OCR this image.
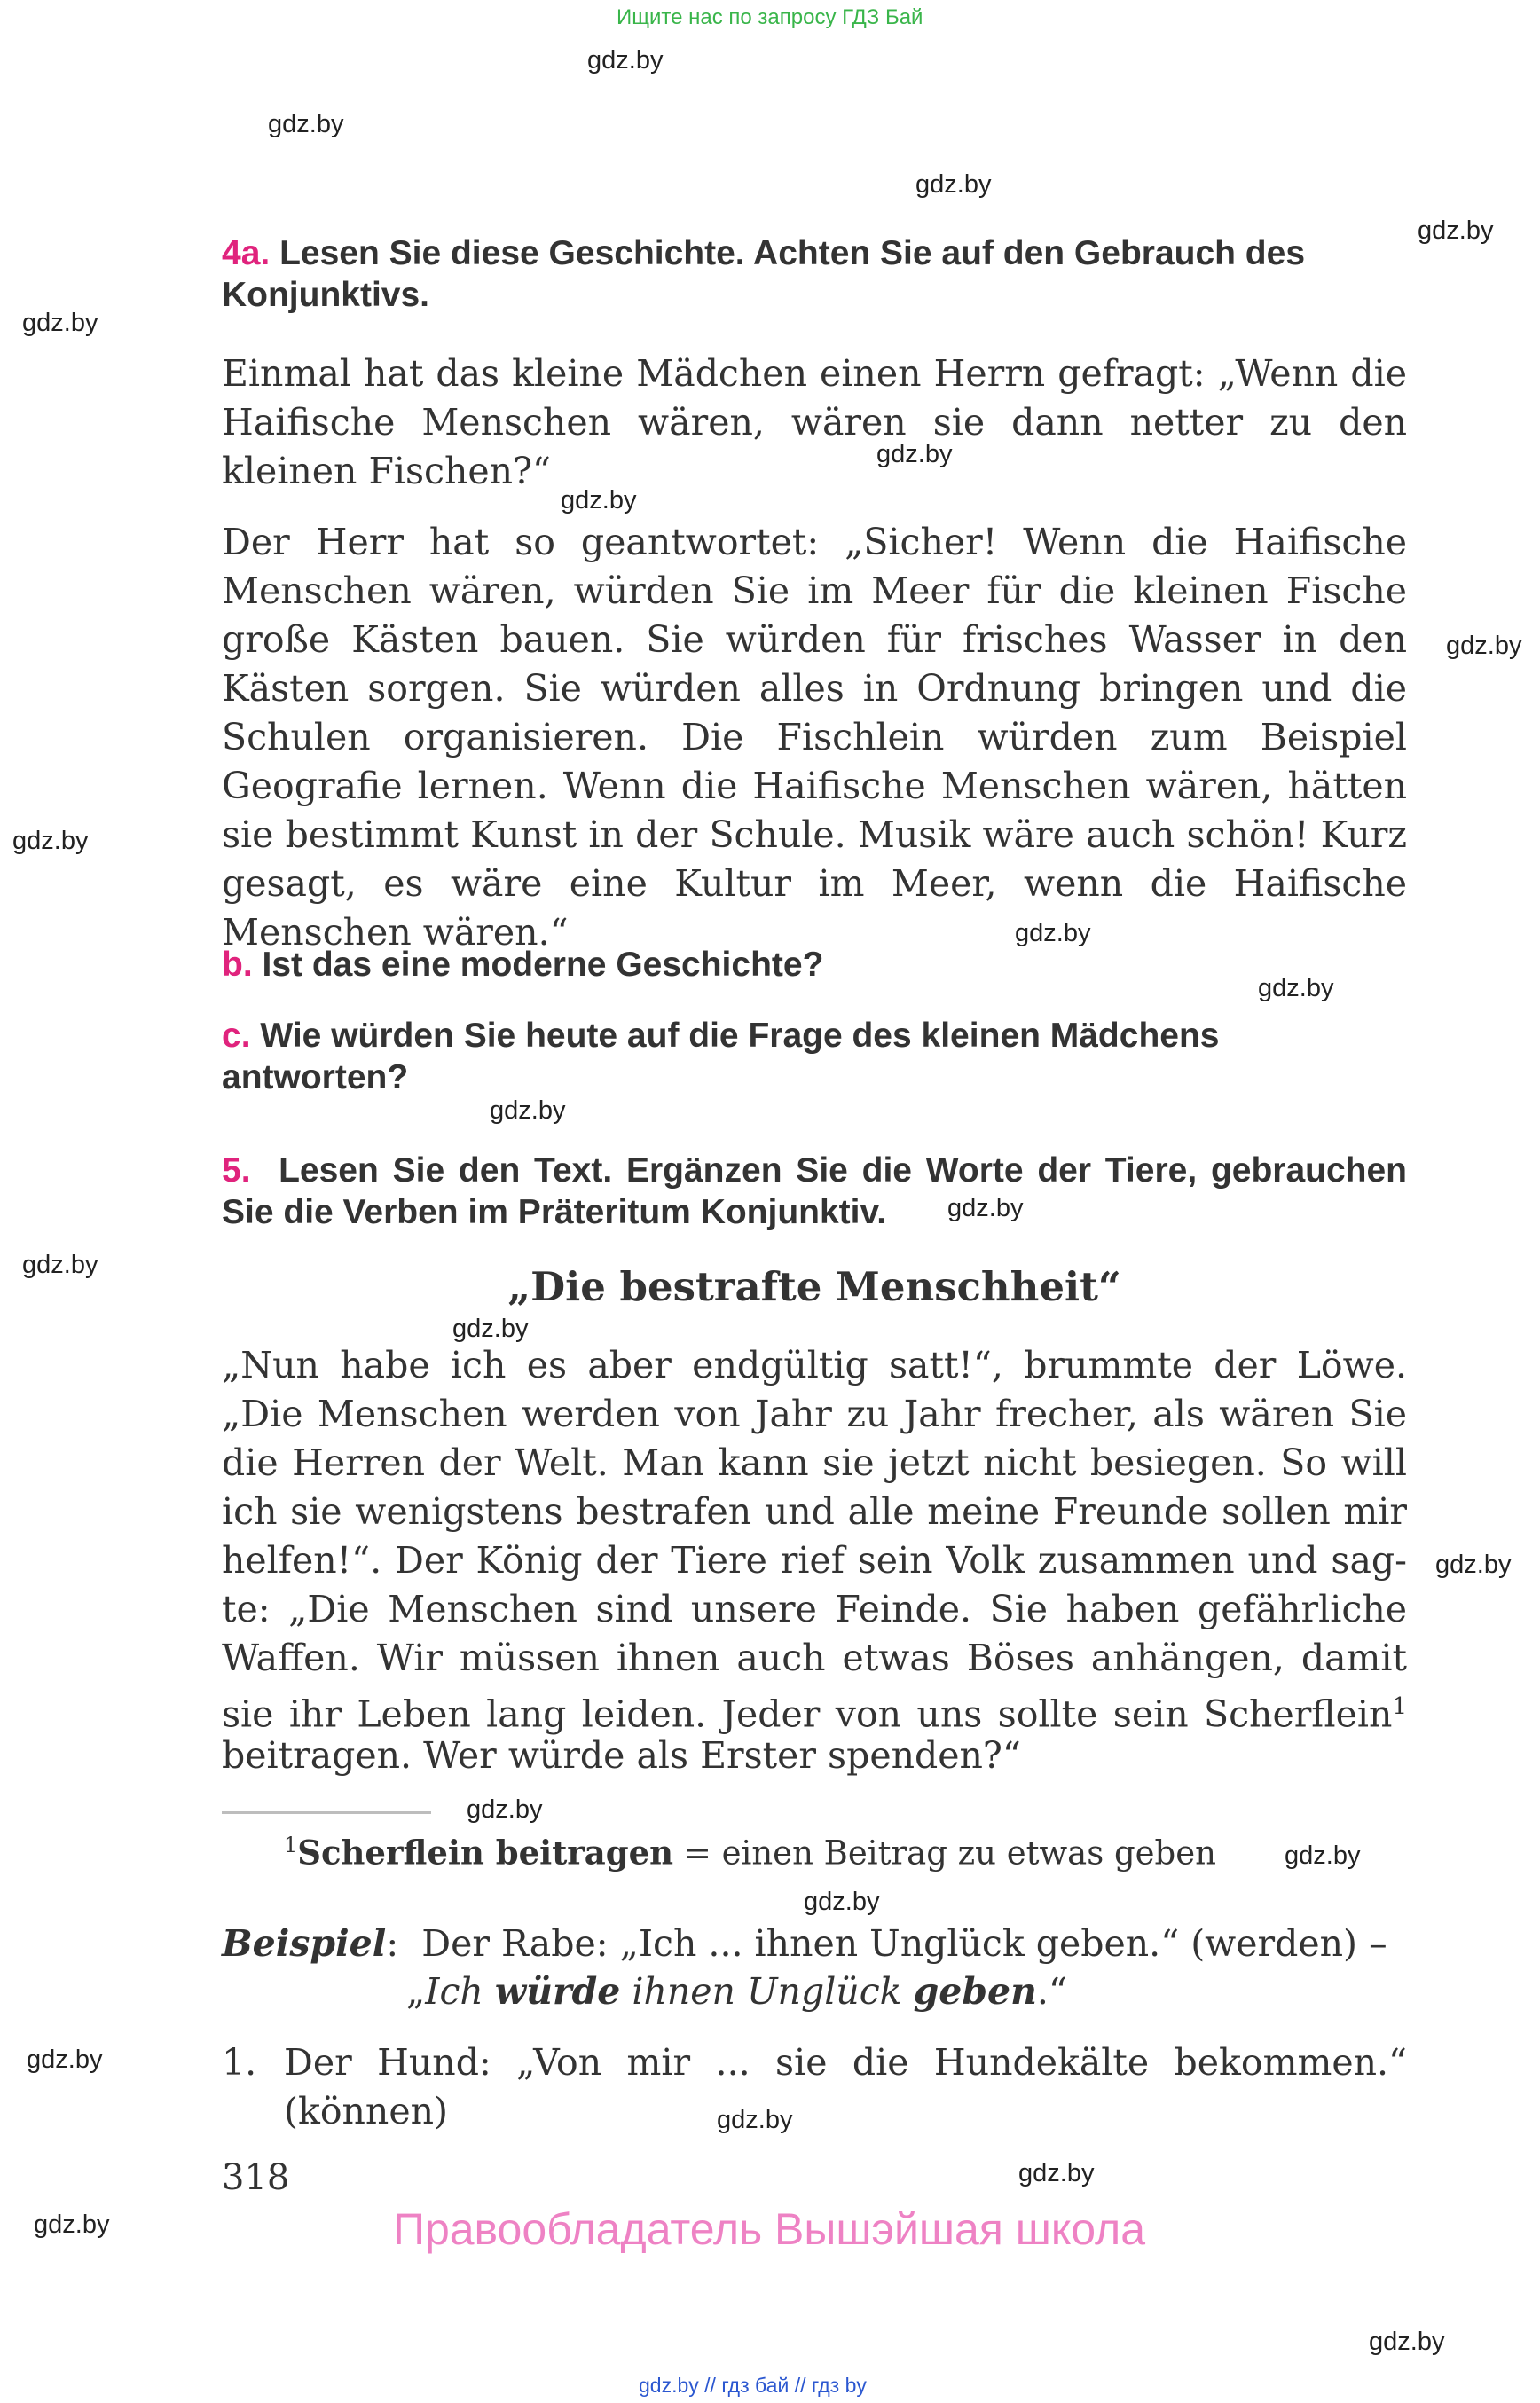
Ищите нас по запросу ГДЗ Бай
gdz.by
gdz.by
gdz.by
gdz.by
gdz.by
gdz.by
gdz.by
gdz.by
gdz.by
gdz.by
gdz.by
gdz.by
gdz.by
gdz.by
gdz.by
gdz.by
gdz.by
gdz.by
gdz.by
gdz.by
gdz.by
gdz.by
gdz.by
gdz.by
4a. Lesen Sie diese Geschichte. Achten Sie auf den Gebrauch des Konjunktivs.
Einmal hat das kleine Mädchen einen Herrn gefragt: „Wenn die Haifische Menschen wären, wären sie dann netter zu den kleinen Fischen?“
Der Herr hat so geantwortet: „Sicher! Wenn die Haifische Menschen wären, würden Sie im Meer für die kleinen Fische große Kästen bauen. Sie würden für frisches Wasser in den Kästen sorgen. Sie würden alles in Ordnung bringen und die Schulen organisieren. Die Fischlein würden zum Beispiel Geografie lernen. Wenn die Haifische Menschen wären, hätten sie bestimmt Kunst in der Schule. Musik wäre auch schön! Kurz gesagt, es wäre eine Kultur im Meer, wenn die Haifische Menschen wären.“
b. Ist das eine moderne Geschichte?
c. Wie würden Sie heute auf die Frage des kleinen Mädchens antworten?
5. Lesen Sie den Text. Ergänzen Sie die Worte der Tiere, gebrauchen Sie die Verben im Präteritum Konjunktiv.
„Die bestrafte Menschheit“
„Nun habe ich es aber endgültig satt!“, brummte der Löwe.
„Die Menschen werden von Jahr zu Jahr frecher, als wären Sie
die Herren der Welt. Man kann sie jetzt nicht besiegen. So will
ich sie wenigstens bestrafen und alle meine Freunde sollen mir
helfen!“. Der König der Tiere rief sein Volk zusammen und sag-
te: „Die Menschen sind unsere Feinde. Sie haben gefährliche
Waffen. Wir müssen ihnen auch etwas Böses anhängen, damit
sie ihr Leben lang leiden. Jeder von uns sollte sein Scherflein$^1$
beitragen. Wer würde als Erster spenden?“
$^1$Scherflein beitragen = einen Beitrag zu etwas geben
Beispiel:  Der Rabe: „Ich ... ihnen Unglück geben.“ (werden) –
„Ich würde ihnen Unglück geben.“
1. Der Hund: „Von mir ... sie die Hundekälte bekommen.“
(können)
318
Правообладатель Вышэйшая школа
gdz.by // гдз бай // гдз by
